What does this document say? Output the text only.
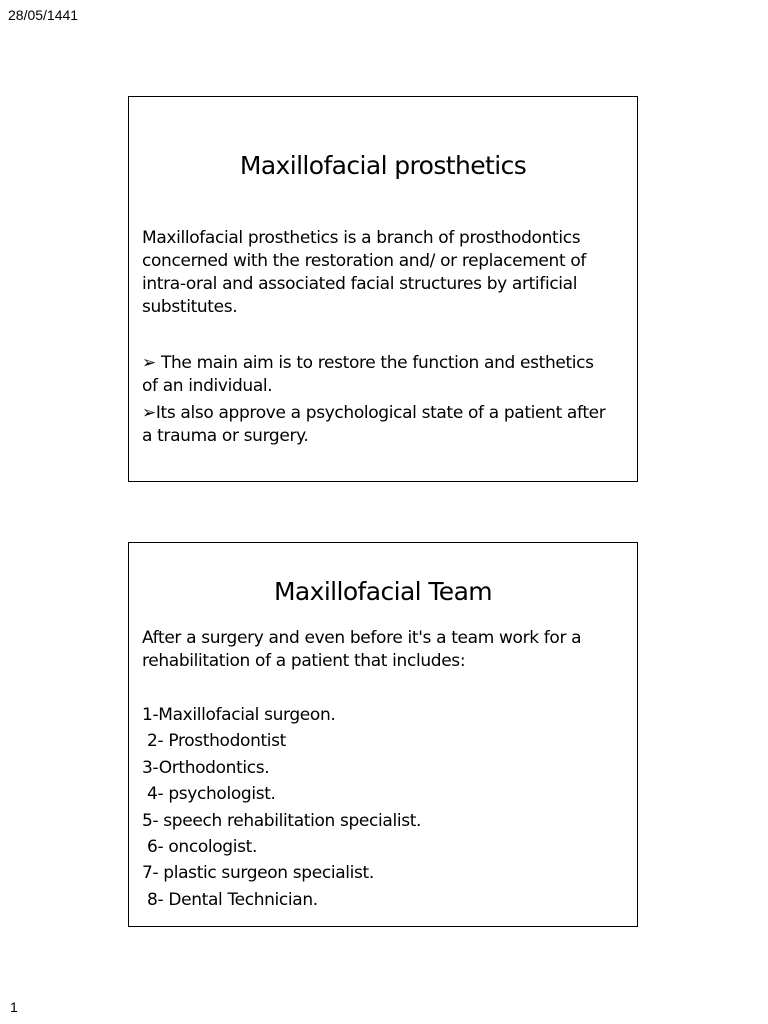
28/05/1441
Maxillofacial prosthetics
Maxillofacial prosthetics is a branch of prosthodontics
concerned with the restoration and/ or replacement of
intra-oral and associated facial structures by artificial
substitutes.
➢ The main aim is to restore the function and esthetics
of an individual.
➢Its also approve a psychological state of a patient after
a trauma or surgery.
Maxillofacial Team
After a surgery and even before it's a team work for a
rehabilitation of a patient that includes:
1-Maxillofacial surgeon.
2- Prosthodontist
3-Orthodontics.
4- psychologist.
5- speech rehabilitation specialist.
6- oncologist.
7- plastic surgeon specialist.
8- Dental Technician.
1
